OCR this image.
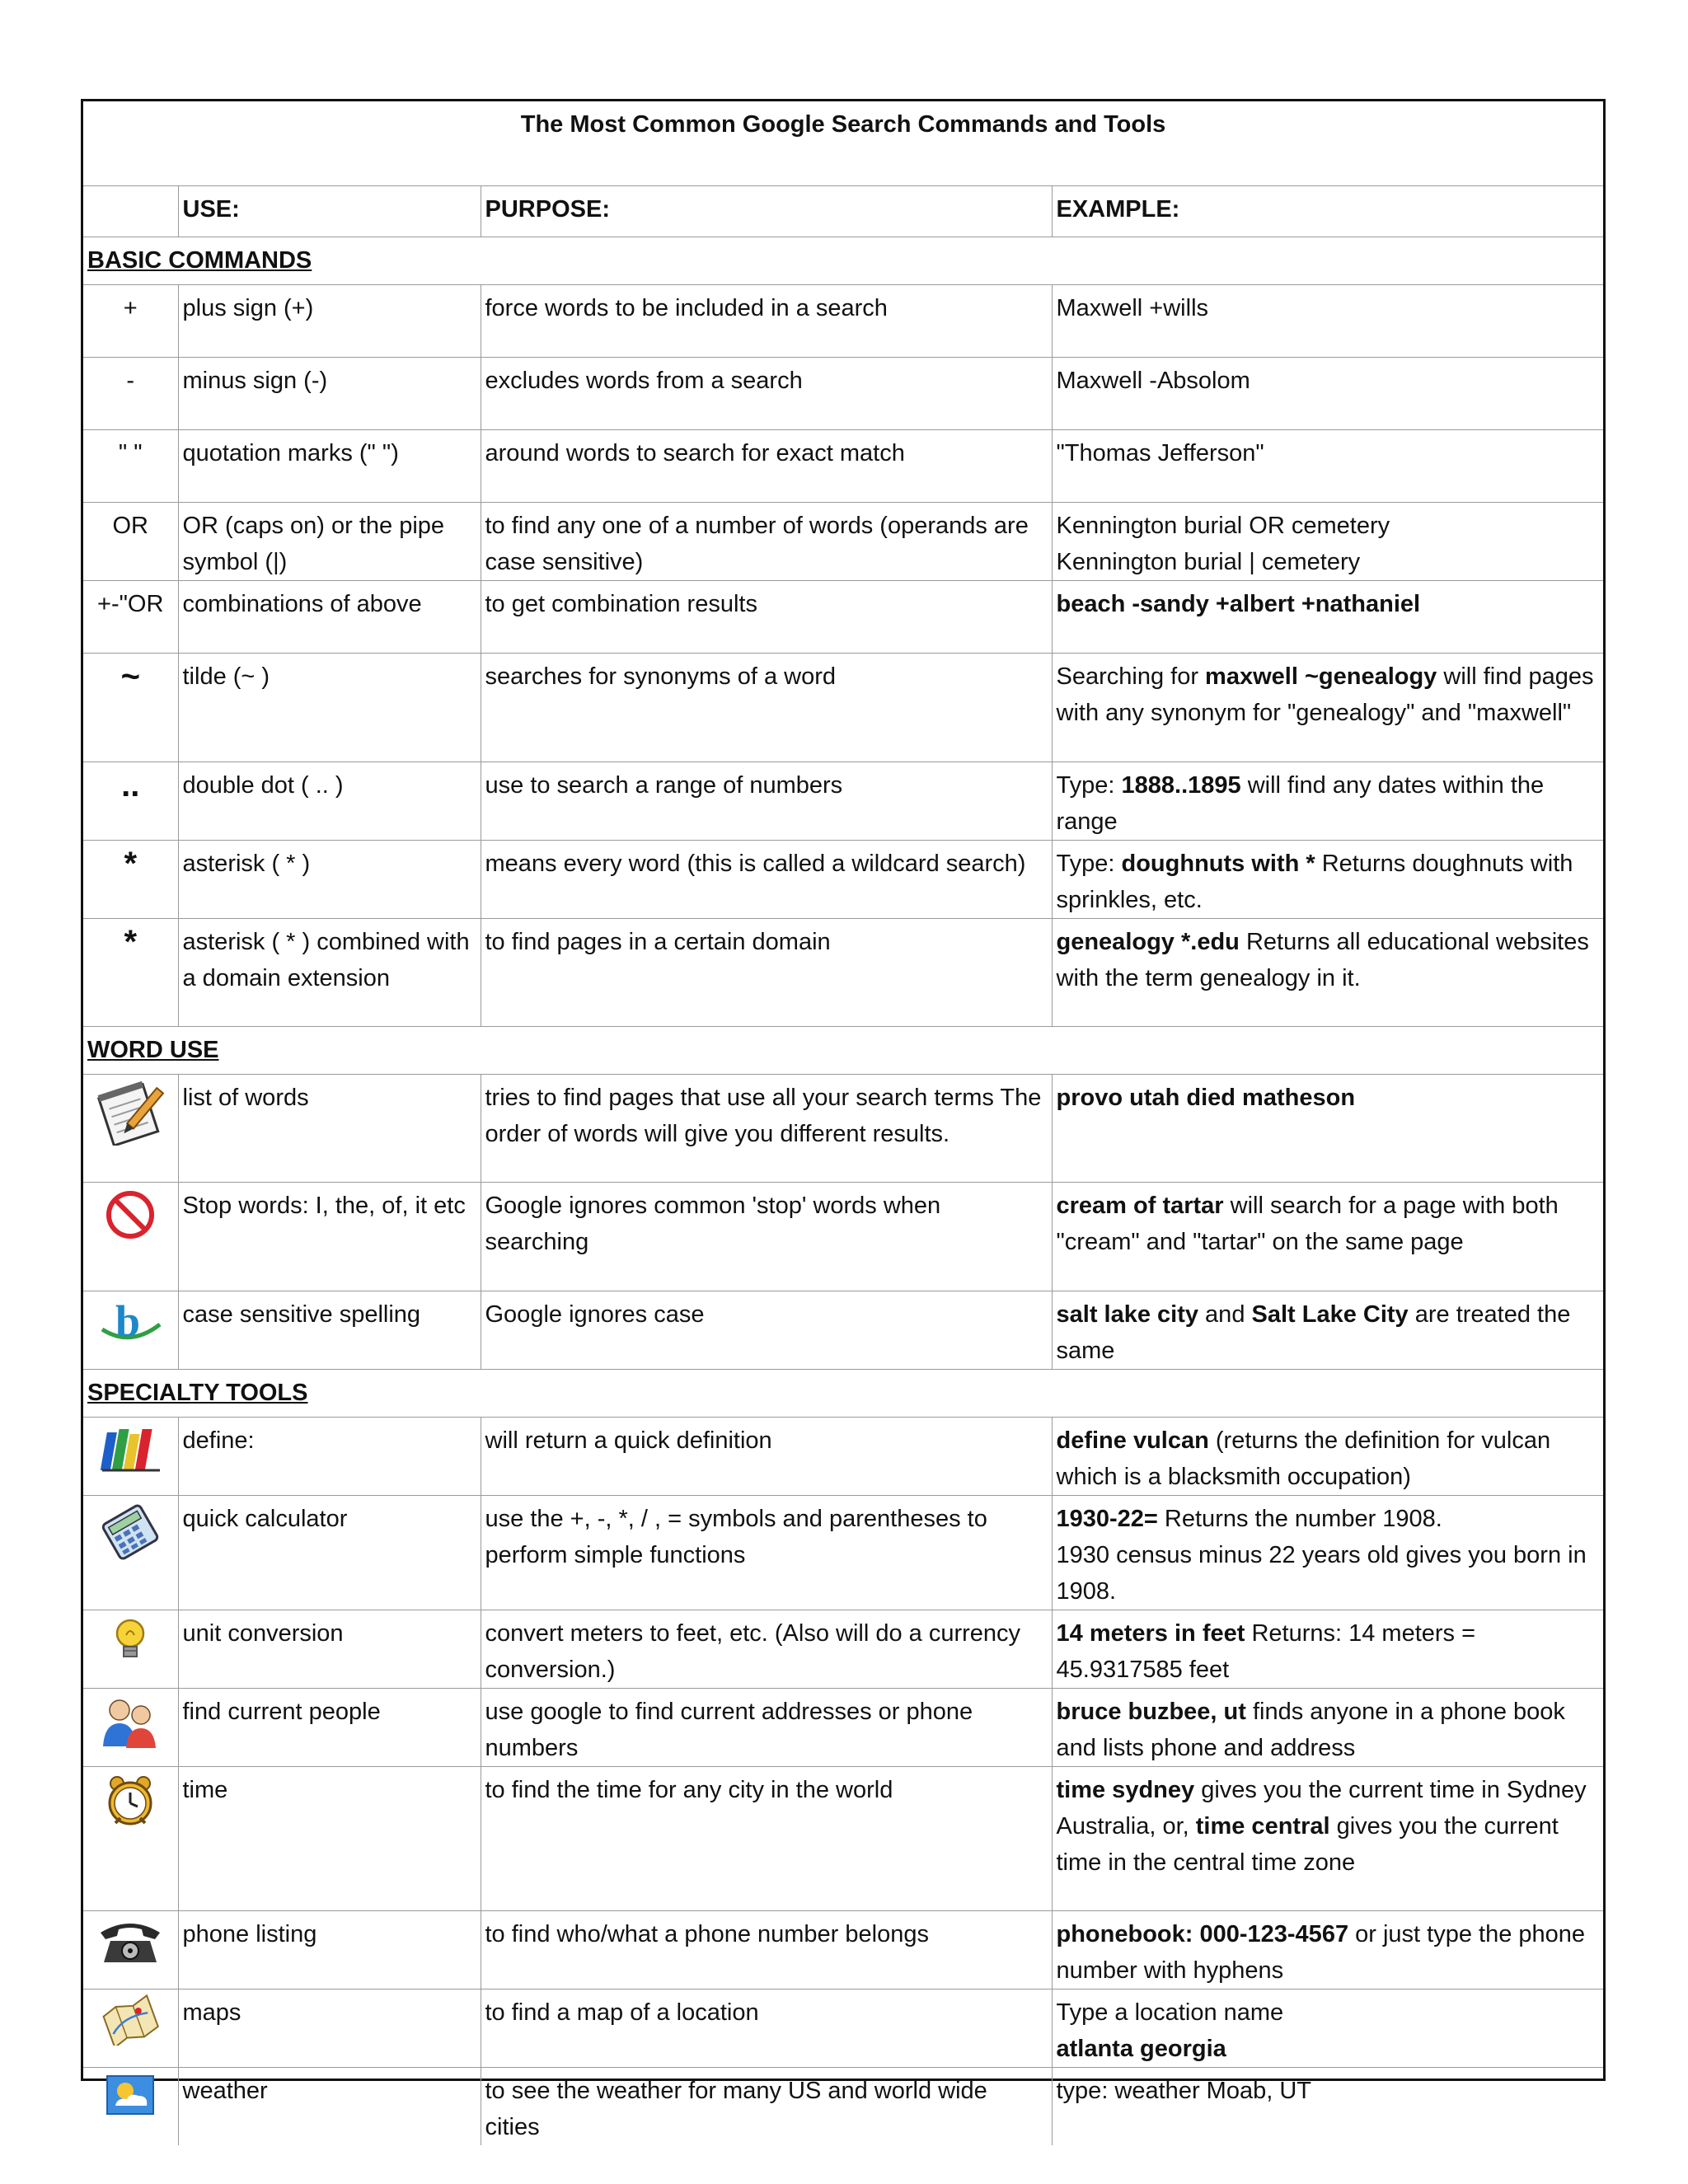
The Most Common Google Search Commands and Tools			
	USE:	PURPOSE:	EXAMPLE:
BASIC COMMANDS			
+	plus sign (+)	force words to be included in a search	Maxwell +wills
-	minus sign (-)	excludes words from a search	Maxwell -Absolom
" "	quotation marks (" ")	around words to search for exact match	"Thomas Jefferson"
OR	OR (caps on) or the pipe symbol (|)	to find any one of a number of words (operands are case sensitive)	Kennington burial OR cemetery
Kennington burial | cemetery
+-"OR	combinations of above	to get combination results	beach -sandy +albert +nathaniel
~	tilde (~ )	searches for synonyms of a word	Searching for maxwell ~genealogy will find pages with any synonym for "genealogy" and "maxwell"
..	double dot ( .. )	use to search a range of numbers	Type: 1888..1895 will find any dates within the range
*	asterisk ( * )	means every word (this is called a wildcard search)	Type: doughnuts with * Returns doughnuts with sprinkles, etc.
*	asterisk ( * ) combined with a domain extension	to find pages in a certain domain	genealogy *.edu Returns all educational websites with the term genealogy in it.
WORD USE			

	list of words	tries to find pages that use all your search terms The order of words will give you different results.	provo utah died matheson

	Stop words: I, the, of, it etc	Google ignores common 'stop' words when searching	cream of tartar will search for a page with both "cream" and "tartar" on the same page

b	case sensitive spelling	Google ignores case	salt lake city and Salt Lake City are treated the same
SPECIALTY TOOLS			

	define:	will return a quick definition	define vulcan (returns the definition for vulcan which is a blacksmith occupation)

	quick calculator	use the +, -, *, / , = symbols and parentheses to perform simple functions	1930-22= Returns the number 1908.
1930 census minus 22 years old gives you born in 1908.

	unit conversion	convert meters to feet, etc. (Also will do a currency conversion.)	14 meters in feet Returns: 14 meters = 45.9317585 feet

	find current people	use google to find current addresses or phone numbers	bruce buzbee, ut finds anyone in a phone book and lists phone and address

	time	to find the time for any city in the world	time sydney gives you the current time in Sydney Australia, or, time central gives you the current time in the central time zone

	phone listing	to find who/what a phone number belongs	phonebook: 000-123-4567 or just type the phone number with hyphens

	maps	to find a map of a location	Type a location name
atlanta georgia

	weather	to see the weather for many US and world wide cities	type: weather Moab, UT
